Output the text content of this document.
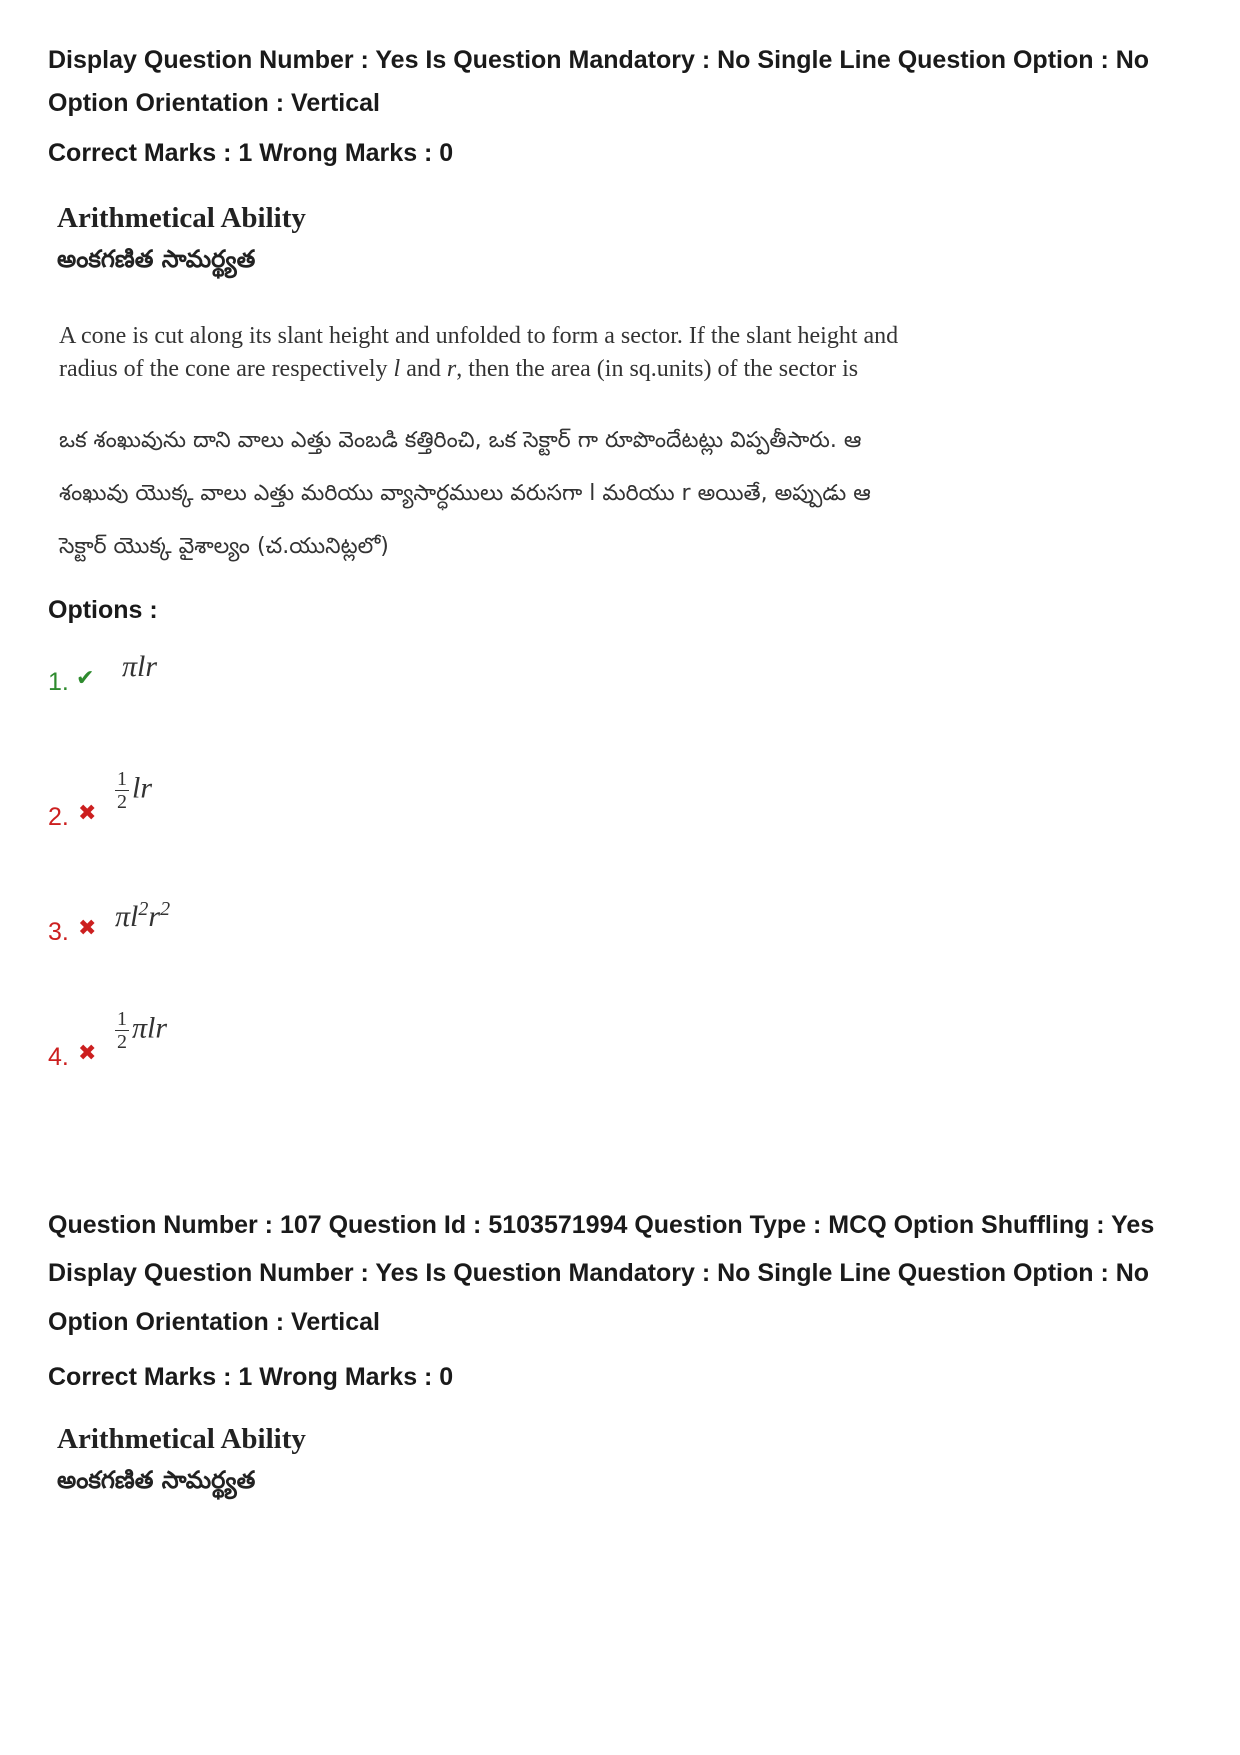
Display Question Number : Yes Is Question Mandatory : No Single Line Question Option : No
Option Orientation : Vertical
Correct Marks : 1 Wrong Marks : 0
Arithmetical Ability
అంకగణిత సామర్థ్యత
A cone is cut along its slant height and unfolded to form a sector. If the slant height and
radius of the cone are respectively l and r, then the area (in sq.units) of the sector is
ఒక శంఖువును దాని వాలు ఎత్తు వెంబడి కత్తిరించి, ఒక సెక్టార్ గా రూపొందేటట్లు విప్పతీసారు. ఆ
శంఖువు యొక్క వాలు ఎత్తు మరియు వ్యాసార్ధములు వరుసగా l మరియు r అయితే, అప్పుడు ఆ
సెక్టార్ యొక్క వైశాల్యం (చ.యునిట్లలో)
Options :
1. ✔ πlr
2. ✖
$\frac{1}{2}$ lr
3. ✖ $\pi l^2r^2$
4. ✖
$\frac{1}{2}$ πlr
Question Number : 107 Question Id : 5103571994 Question Type : MCQ Option Shuffling : Yes
Display Question Number : Yes Is Question Mandatory : No Single Line Question Option : No
Option Orientation : Vertical
Correct Marks : 1 Wrong Marks : 0
Arithmetical Ability
అంకగణిత సామర్థ్యత
